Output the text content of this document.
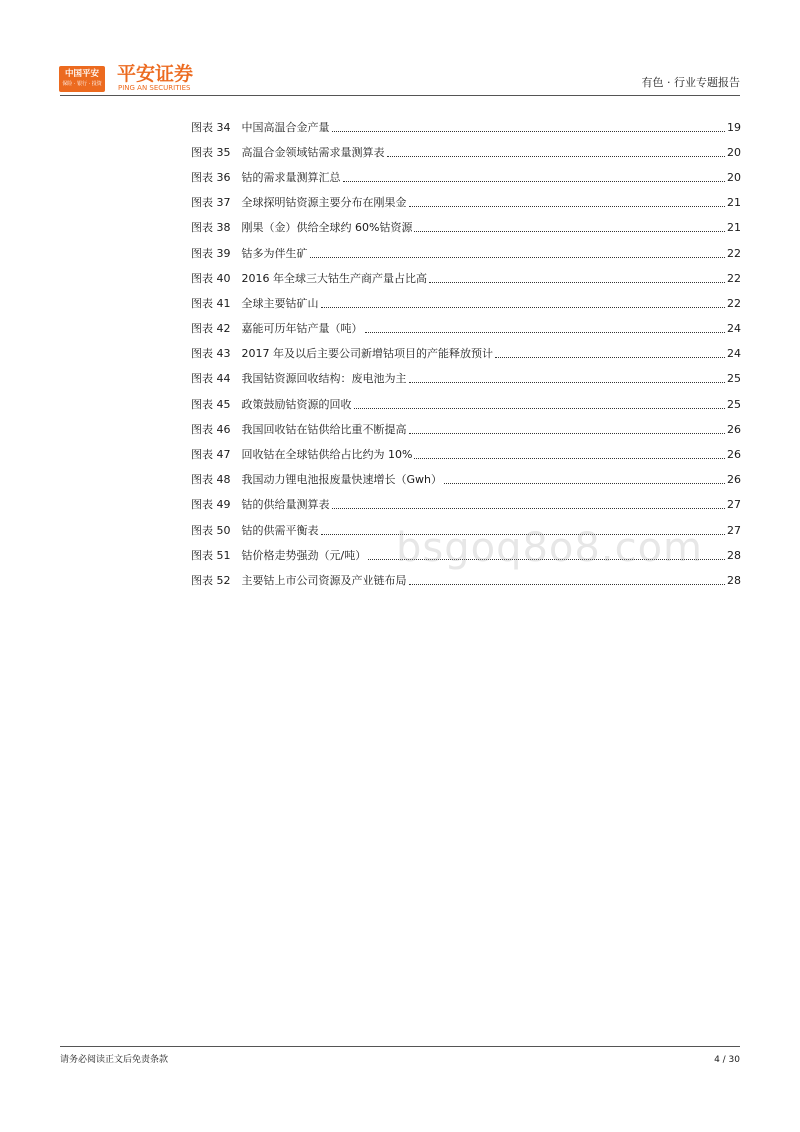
中国平安
保险 · 银行 · 投资 平安证券
PING AN SECURITIES	有色 · 行业专题报告
图表 34 中国高温合金产量	19
图表 35 高温合金领域钴需求量测算表	20
图表 36 钴的需求量测算汇总	20
图表 37 全球探明钴资源主要分布在刚果金	21
图表 38 刚果（金）供给全球约 60%钴资源	21
图表 39 钴多为伴生矿	22
图表 40 2016 年全球三大钴生产商产量占比高	22
图表 41 全球主要钴矿山	22
图表 42 嘉能可历年钴产量（吨）	24
图表 43 2017 年及以后主要公司新增钴项目的产能释放预计	24
图表 44 我国钴资源回收结构：废电池为主	25
图表 45 政策鼓励钴资源的回收	25
图表 46 我国回收钴在钴供给比重不断提高	26
图表 47 回收钴在全球钴供给占比约为 10%	26
图表 48 我国动力锂电池报废量快速增长（Gwh）	26
图表 49 钴的供给量测算表	27
图表 50 钴的供需平衡表	27
图表 51 钴价格走势强劲（元/吨）	28
图表 52 主要钴上市公司资源及产业链布局	28
bsgoq8o8.com
请务必阅读正文后免责条款	4 / 30
